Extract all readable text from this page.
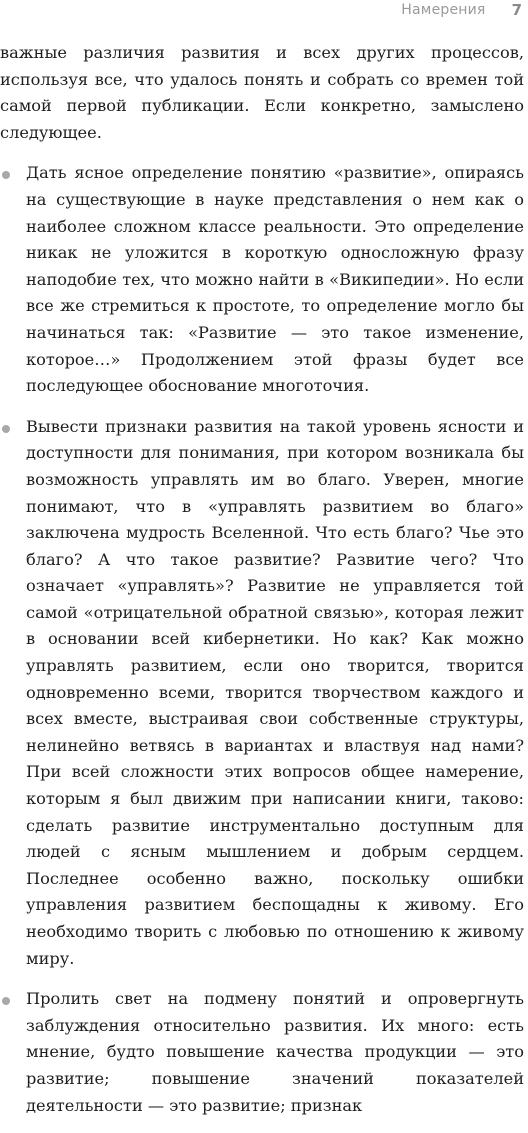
Намерения 7

важные различия развития и всех других процессов, используя все, что удалось понять и собрать со времен той самой первой публикации. Если конкретно, замыслено следующее.

Дать ясное определение понятию «развитие», опираясь на существующие в науке представления о нем как о наиболее сложном классе реальности. Это определение никак не уложится в короткую односложную фразу наподобие тех, что можно найти в «Википедии». Но если все же стремиться к простоте, то определение могло бы начинаться так: «Развитие — это такое изменение, которое…» Продолжением этой фразы будет все последующее обоснование многоточия.
Вывести признаки развития на такой уровень ясности и доступности для понимания, при котором возникала бы возможность управлять им во благо. Уверен, многие понимают, что в «управлять развитием во благо» заключена мудрость Вселенной. Что есть благо? Чье это благо? А что такое развитие? Развитие чего? Что означает «управлять»? Развитие не управляется той самой «отрицательной обратной связью», которая лежит в основании всей кибернетики. Но как? Как можно управлять развитием, если оно творится, творится одновременно всеми, творится творчеством каждого и всех вместе, выстраивая свои собственные структуры, нелинейно ветвясь в вариантах и властвуя над нами? При всей сложности этих вопросов общее намерение, которым я был движим при написании книги, таково: сделать развитие инструментально доступным для людей с ясным мышлением и добрым сердцем. Последнее особенно важно, поскольку ошибки управления развитием беспощадны к живому. Его необходимо творить с любовью по отношению к живому миру.
Пролить свет на подмену понятий и опровергнуть заблуждения относительно развития. Их много: есть мнение, будто повышение качества продукции — это развитие; повышение значений показателей деятельности — это развитие; признак
